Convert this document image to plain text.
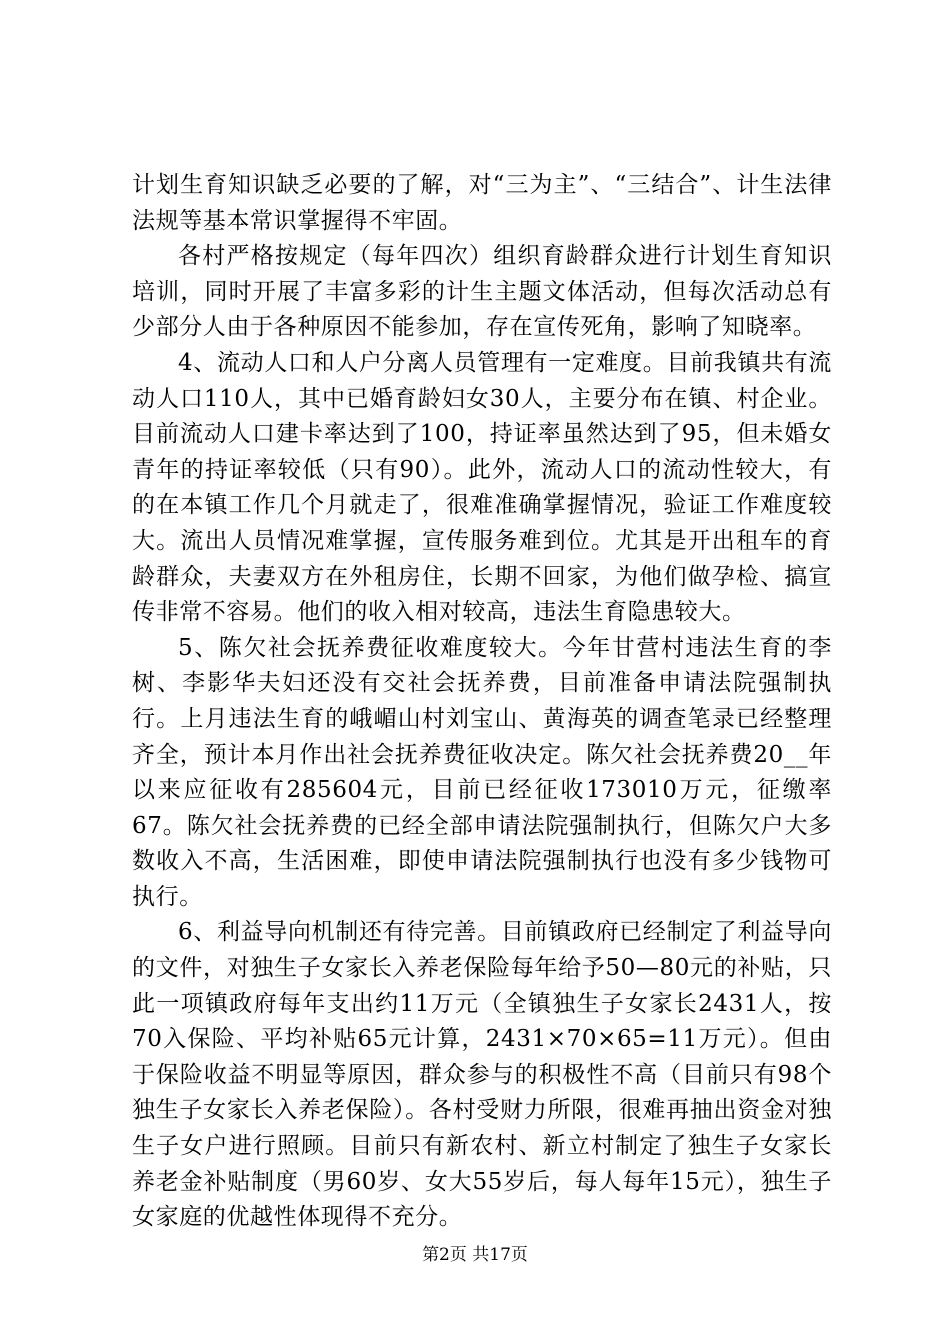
计划生育知识缺乏必要的了解，对“三为主”、“三结合”、计生法律法规等基本常识掌握得不牢固。

各村严格按规定（每年四次）组织育龄群众进行计划生育知识培训，同时开展了丰富多彩的计生主题文体活动，但每次活动总有少部分人由于各种原因不能参加，存在宣传死角，影响了知晓率。

4、流动人口和人户分离人员管理有一定难度。目前我镇共有流动人口110人，其中已婚育龄妇女30人，主要分布在镇、村企业。目前流动人口建卡率达到了100，持证率虽然达到了95，但未婚女青年的持证率较低（只有90）。此外，流动人口的流动性较大，有的在本镇工作几个月就走了，很难准确掌握情况，验证工作难度较大。流出人员情况难掌握，宣传服务难到位。尤其是开出租车的育龄群众，夫妻双方在外租房住，长期不回家，为他们做孕检、搞宣传非常不容易。他们的收入相对较高，违法生育隐患较大。

5、陈欠社会抚养费征收难度较大。今年甘营村违法生育的李树、李影华夫妇还没有交社会抚养费，目前准备申请法院强制执行。上月违法生育的峨嵋山村刘宝山、黄海英的调查笔录已经整理齐全，预计本月作出社会抚养费征收决定。陈欠社会抚养费20__年以来应征收有285604元，目前已经征收173010万元，征缴率67。陈欠社会抚养费的已经全部申请法院强制执行，但陈欠户大多数收入不高，生活困难，即使申请法院强制执行也没有多少钱物可执行。

6、利益导向机制还有待完善。目前镇政府已经制定了利益导向的文件，对独生子女家长入养老保险每年给予50—80元的补贴，只此一项镇政府每年支出约11万元（全镇独生子女家长2431人，按70入保险、平均补贴65元计算，2431×70×65=11万元）。但由于保险收益不明显等原因，群众参与的积极性不高（目前只有98个独生子女家长入养老保险）。各村受财力所限，很难再抽出资金对独生子女户进行照顾。目前只有新农村、新立村制定了独生子女家长养老金补贴制度（男60岁、女大55岁后，每人每年15元），独生子女家庭的优越性体现得不充分。

第2页 共17页
